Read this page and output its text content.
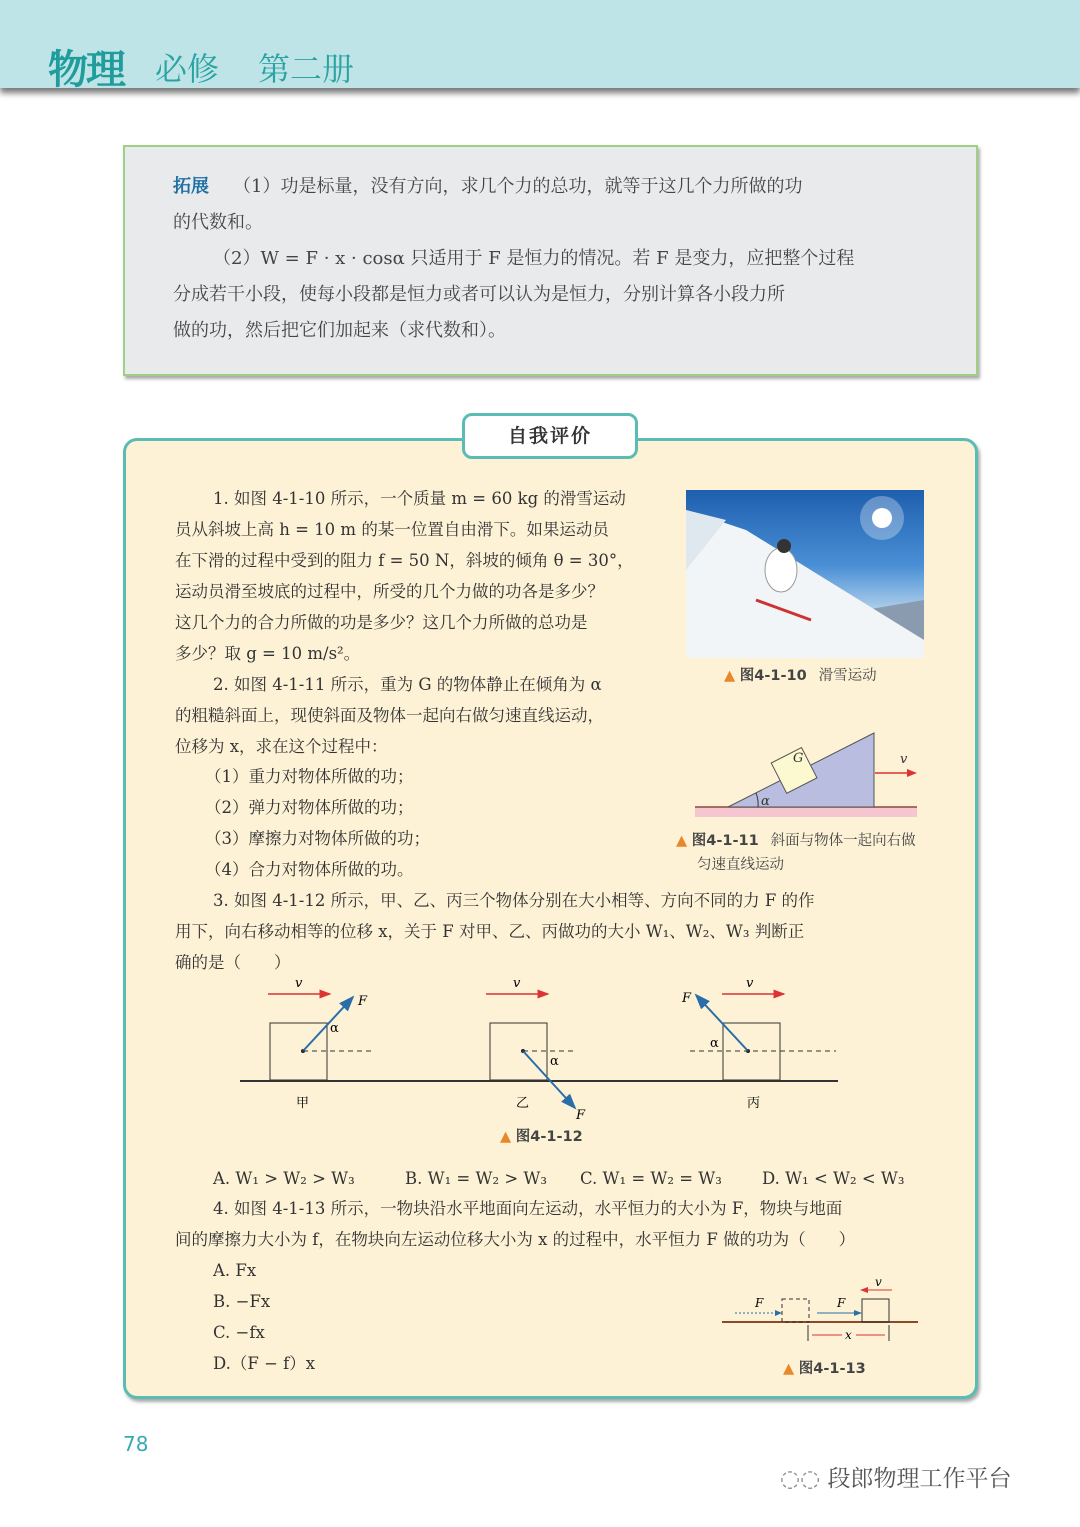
物理 必修 第二册

拓展 （1）功是标量，没有方向，求几个力的总功，就等于这几个力所做的功

的代数和。

（2）W = F · x · cosα 只适用于 F 是恒力的情况。若 F 是变力，应把整个过程

分成若干小段，使每小段都是恒力或者可以认为是恒力，分别计算各小段力所

做的功，然后把它们加起来（求代数和）。

自我评价
1. 如图 4-1-10 所示，一个质量 m = 60 kg 的滑雪运动
员从斜坡上高 h = 10 m 的某一位置自由滑下。如果运动员
在下滑的过程中受到的阻力 f = 50 N，斜坡的倾角 θ = 30°，
运动员滑至坡底的过程中，所受的几个力做的功各是多少？
这几个力的合力所做的功是多少？这几个力所做的总功是
多少？取 g = 10 m/s²。
2. 如图 4-1-11 所示，重为 G 的物体静止在倾角为 α
的粗糙斜面上，现使斜面及物体一起向右做匀速直线运动，
位移为 x，求在这个过程中：
（1）重力对物体所做的功；
（2）弹力对物体所做的功；
（3）摩擦力对物体所做的功；
（4）合力对物体所做的功。
3. 如图 4-1-12 所示，甲、乙、丙三个物体分别在大小相等、方向不同的力 F 的作
用下，向右移动相等的位移 x，关于 F 对甲、乙、丙做功的大小 W₁、W₂、W₃ 判断正
确的是（　　）
A. W₁ > W₂ > W₃	B. W₁ = W₂ > W₃ C. W₁ = W₂ = W₃ D. W₁ < W₂ < W₃
4. 如图 4-1-13 所示，一物块沿水平地面向左运动，水平恒力的大小为 F，物块与地面
间的摩擦力大小为 f，在物块向左运动位移大小为 x 的过程中，水平恒力 F 做的功为（　　）
A. Fx
B. −Fx
C. −fx
D.（F − f）x
▲ 图4-1-10 滑雪运动
G
α
v
▲ 图4-1-11 斜面与物体一起向右做
匀速直线运动
v
F
α
甲
v
F
α
乙
v
F
α
丙
▲ 图4-1-12
F	F
v
x
▲ 图4-1-13
78
◌◌ 段郎物理工作平台
